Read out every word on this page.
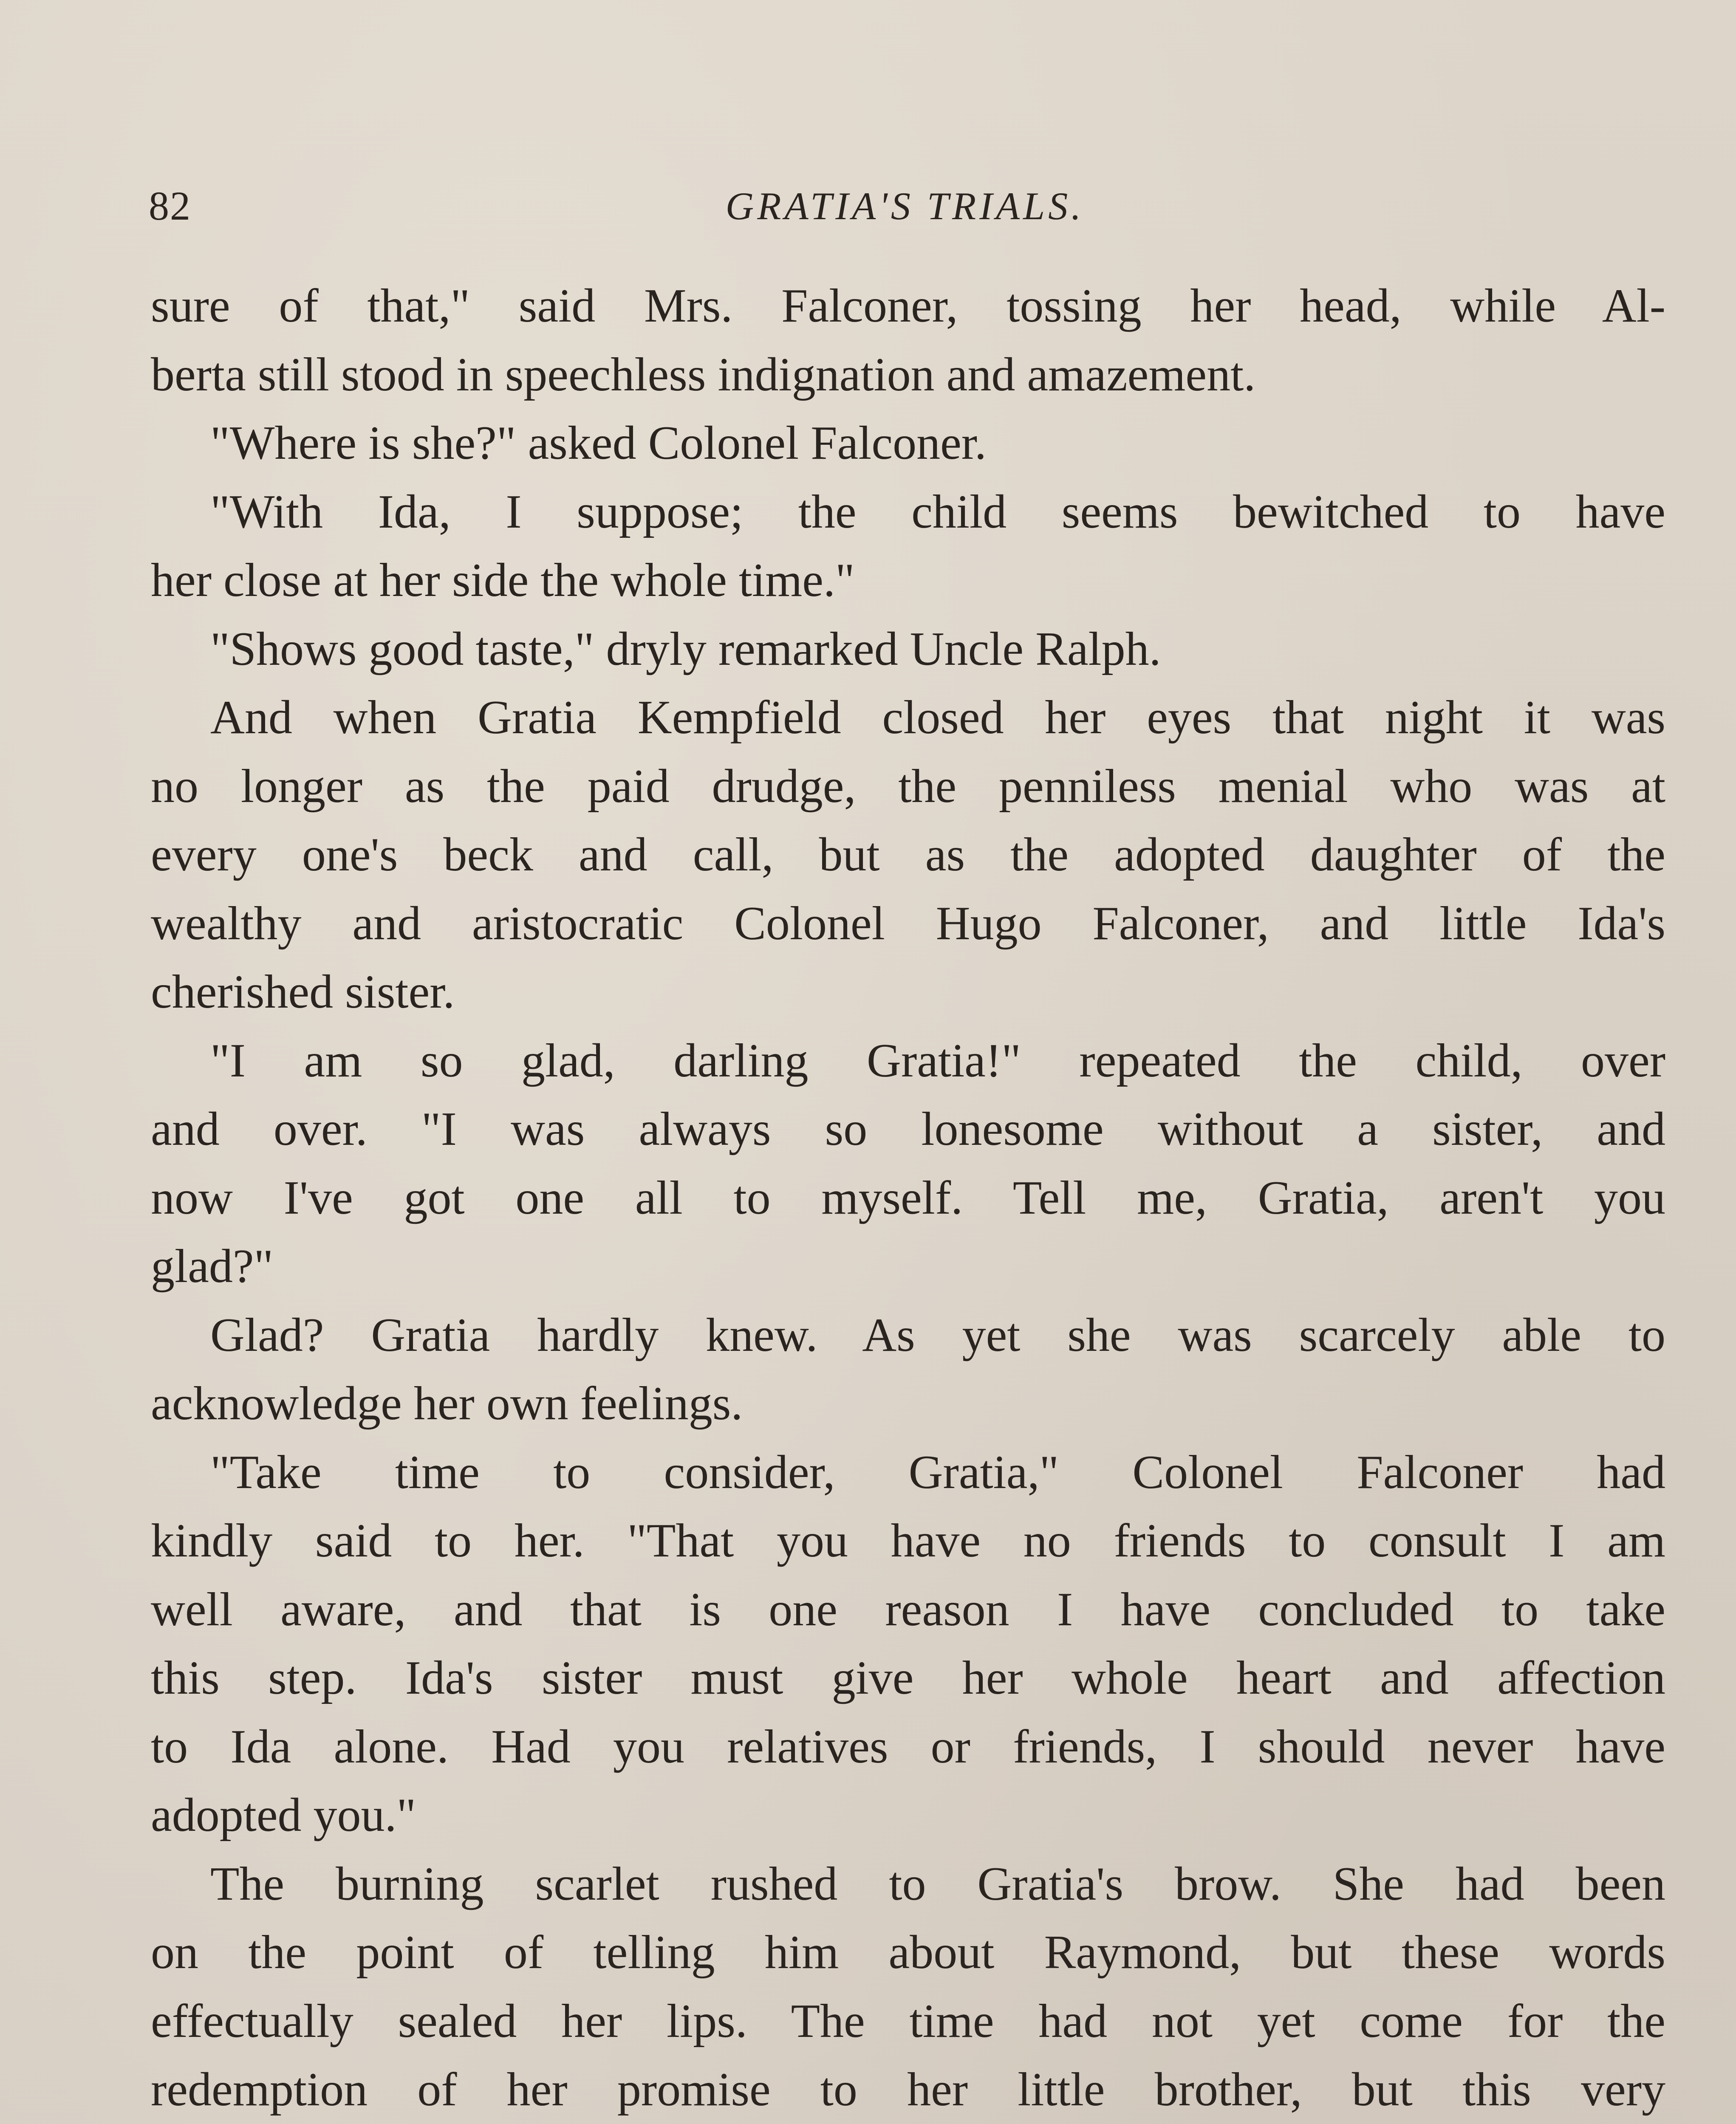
82	GRATIA'S TRIALS.
sure of that," said Mrs. Falconer, tossing her head, while Al-
berta still stood in speechless indignation and amazement.
"Where is she?" asked Colonel Falconer.
"With Ida, I suppose; the child seems bewitched to have
her close at her side the whole time."
"Shows good taste," dryly remarked Uncle Ralph.
And when Gratia Kempfield closed her eyes that night it was
no longer as the paid drudge, the penniless menial who was at
every one's beck and call, but as the adopted daughter of the
wealthy and aristocratic Colonel Hugo Falconer, and little Ida's
cherished sister.
"I am so glad, darling Gratia!" repeated the child, over
and over. "I was always so lonesome without a sister, and
now I've got one all to myself. Tell me, Gratia, aren't you
glad?"
Glad? Gratia hardly knew. As yet she was scarcely able to
acknowledge her own feelings.
"Take time to consider, Gratia," Colonel Falconer had
kindly said to her. "That you have no friends to consult I am
well aware, and that is one reason I have concluded to take
this step. Ida's sister must give her whole heart and affection
to Ida alone. Had you relatives or friends, I should never have
adopted you."
The burning scarlet rushed to Gratia's brow. She had been
on the point of telling him about Raymond, but these words
effectually sealed her lips. The time had not yet come for the
redemption of her promise to her little brother, but this very
